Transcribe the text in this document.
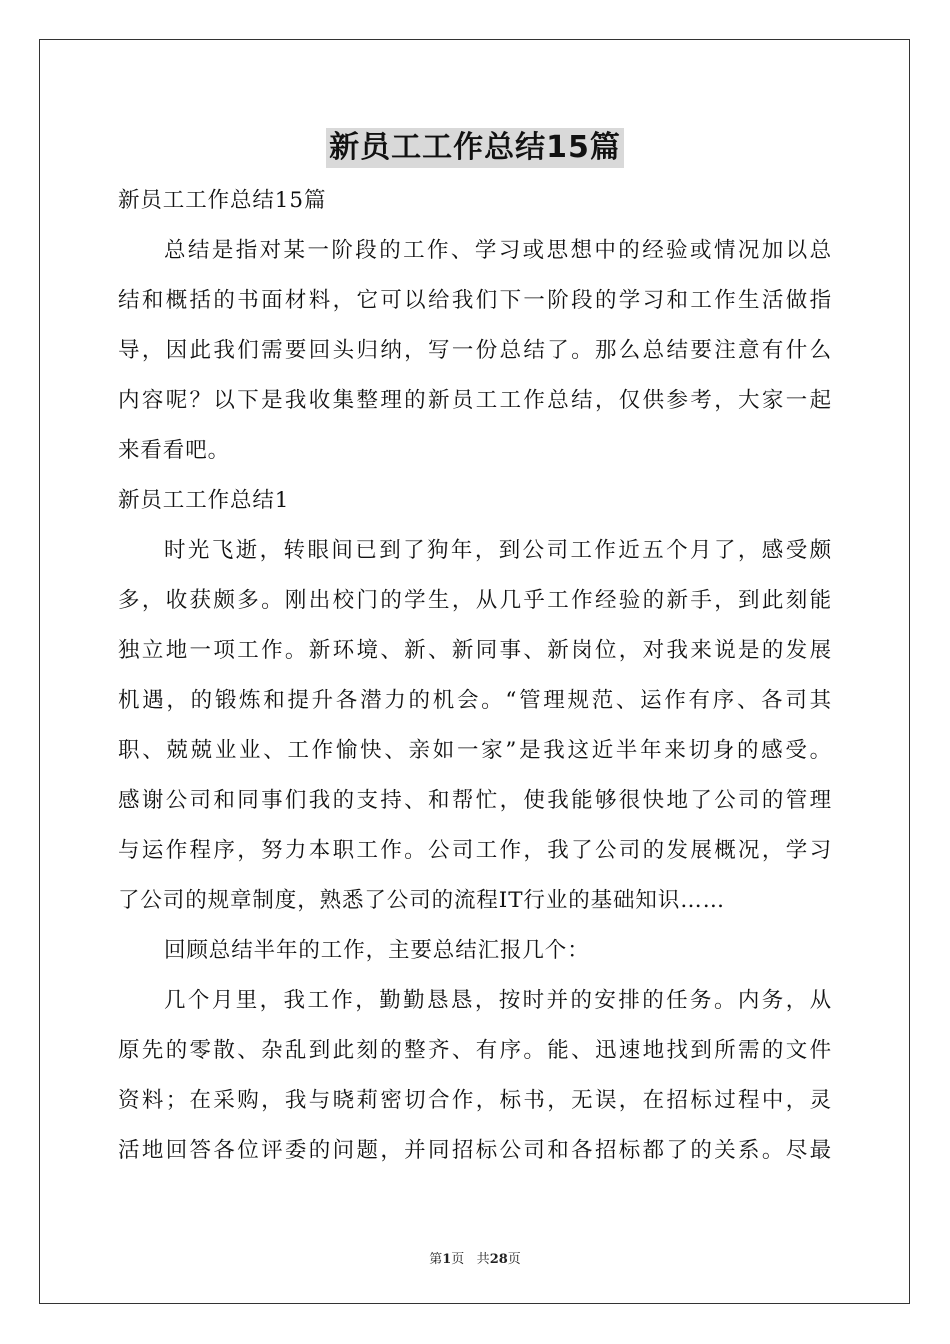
新员工工作总结15篇
新员工工作总结15篇
总结是指对某一阶段的工作、学习或思想中的经验或情况加以总
结和概括的书面材料，它可以给我们下一阶段的学习和工作生活做指
导，因此我们需要回头归纳，写一份总结了。那么总结要注意有什么
内容呢？以下是我收集整理的新员工工作总结，仅供参考，大家一起
来看看吧。
新员工工作总结1
时光飞逝，转眼间已到了狗年，到公司工作近五个月了，感受颇
多，收获颇多。刚出校门的学生，从几乎工作经验的新手，到此刻能
独立地一项工作。新环境、新、新同事、新岗位，对我来说是的发展
机遇，的锻炼和提升各潜力的机会。“管理规范、运作有序、各司其
职、兢兢业业、工作愉快、亲如一家”是我这近半年来切身的感受。
感谢公司和同事们我的支持、和帮忙，使我能够很快地了公司的管理
与运作程序，努力本职工作。公司工作，我了公司的发展概况，学习
了公司的规章制度，熟悉了公司的流程IT行业的基础知识……
回顾总结半年的工作，主要总结汇报几个：
几个月里，我工作，勤勤恳恳，按时并的安排的任务。内务，从
原先的零散、杂乱到此刻的整齐、有序。能、迅速地找到所需的文件
资料；在采购，我与晓莉密切合作，标书，无误，在招标过程中，灵
活地回答各位评委的问题，并同招标公司和各招标都了的关系。尽最
第1页 共28页
